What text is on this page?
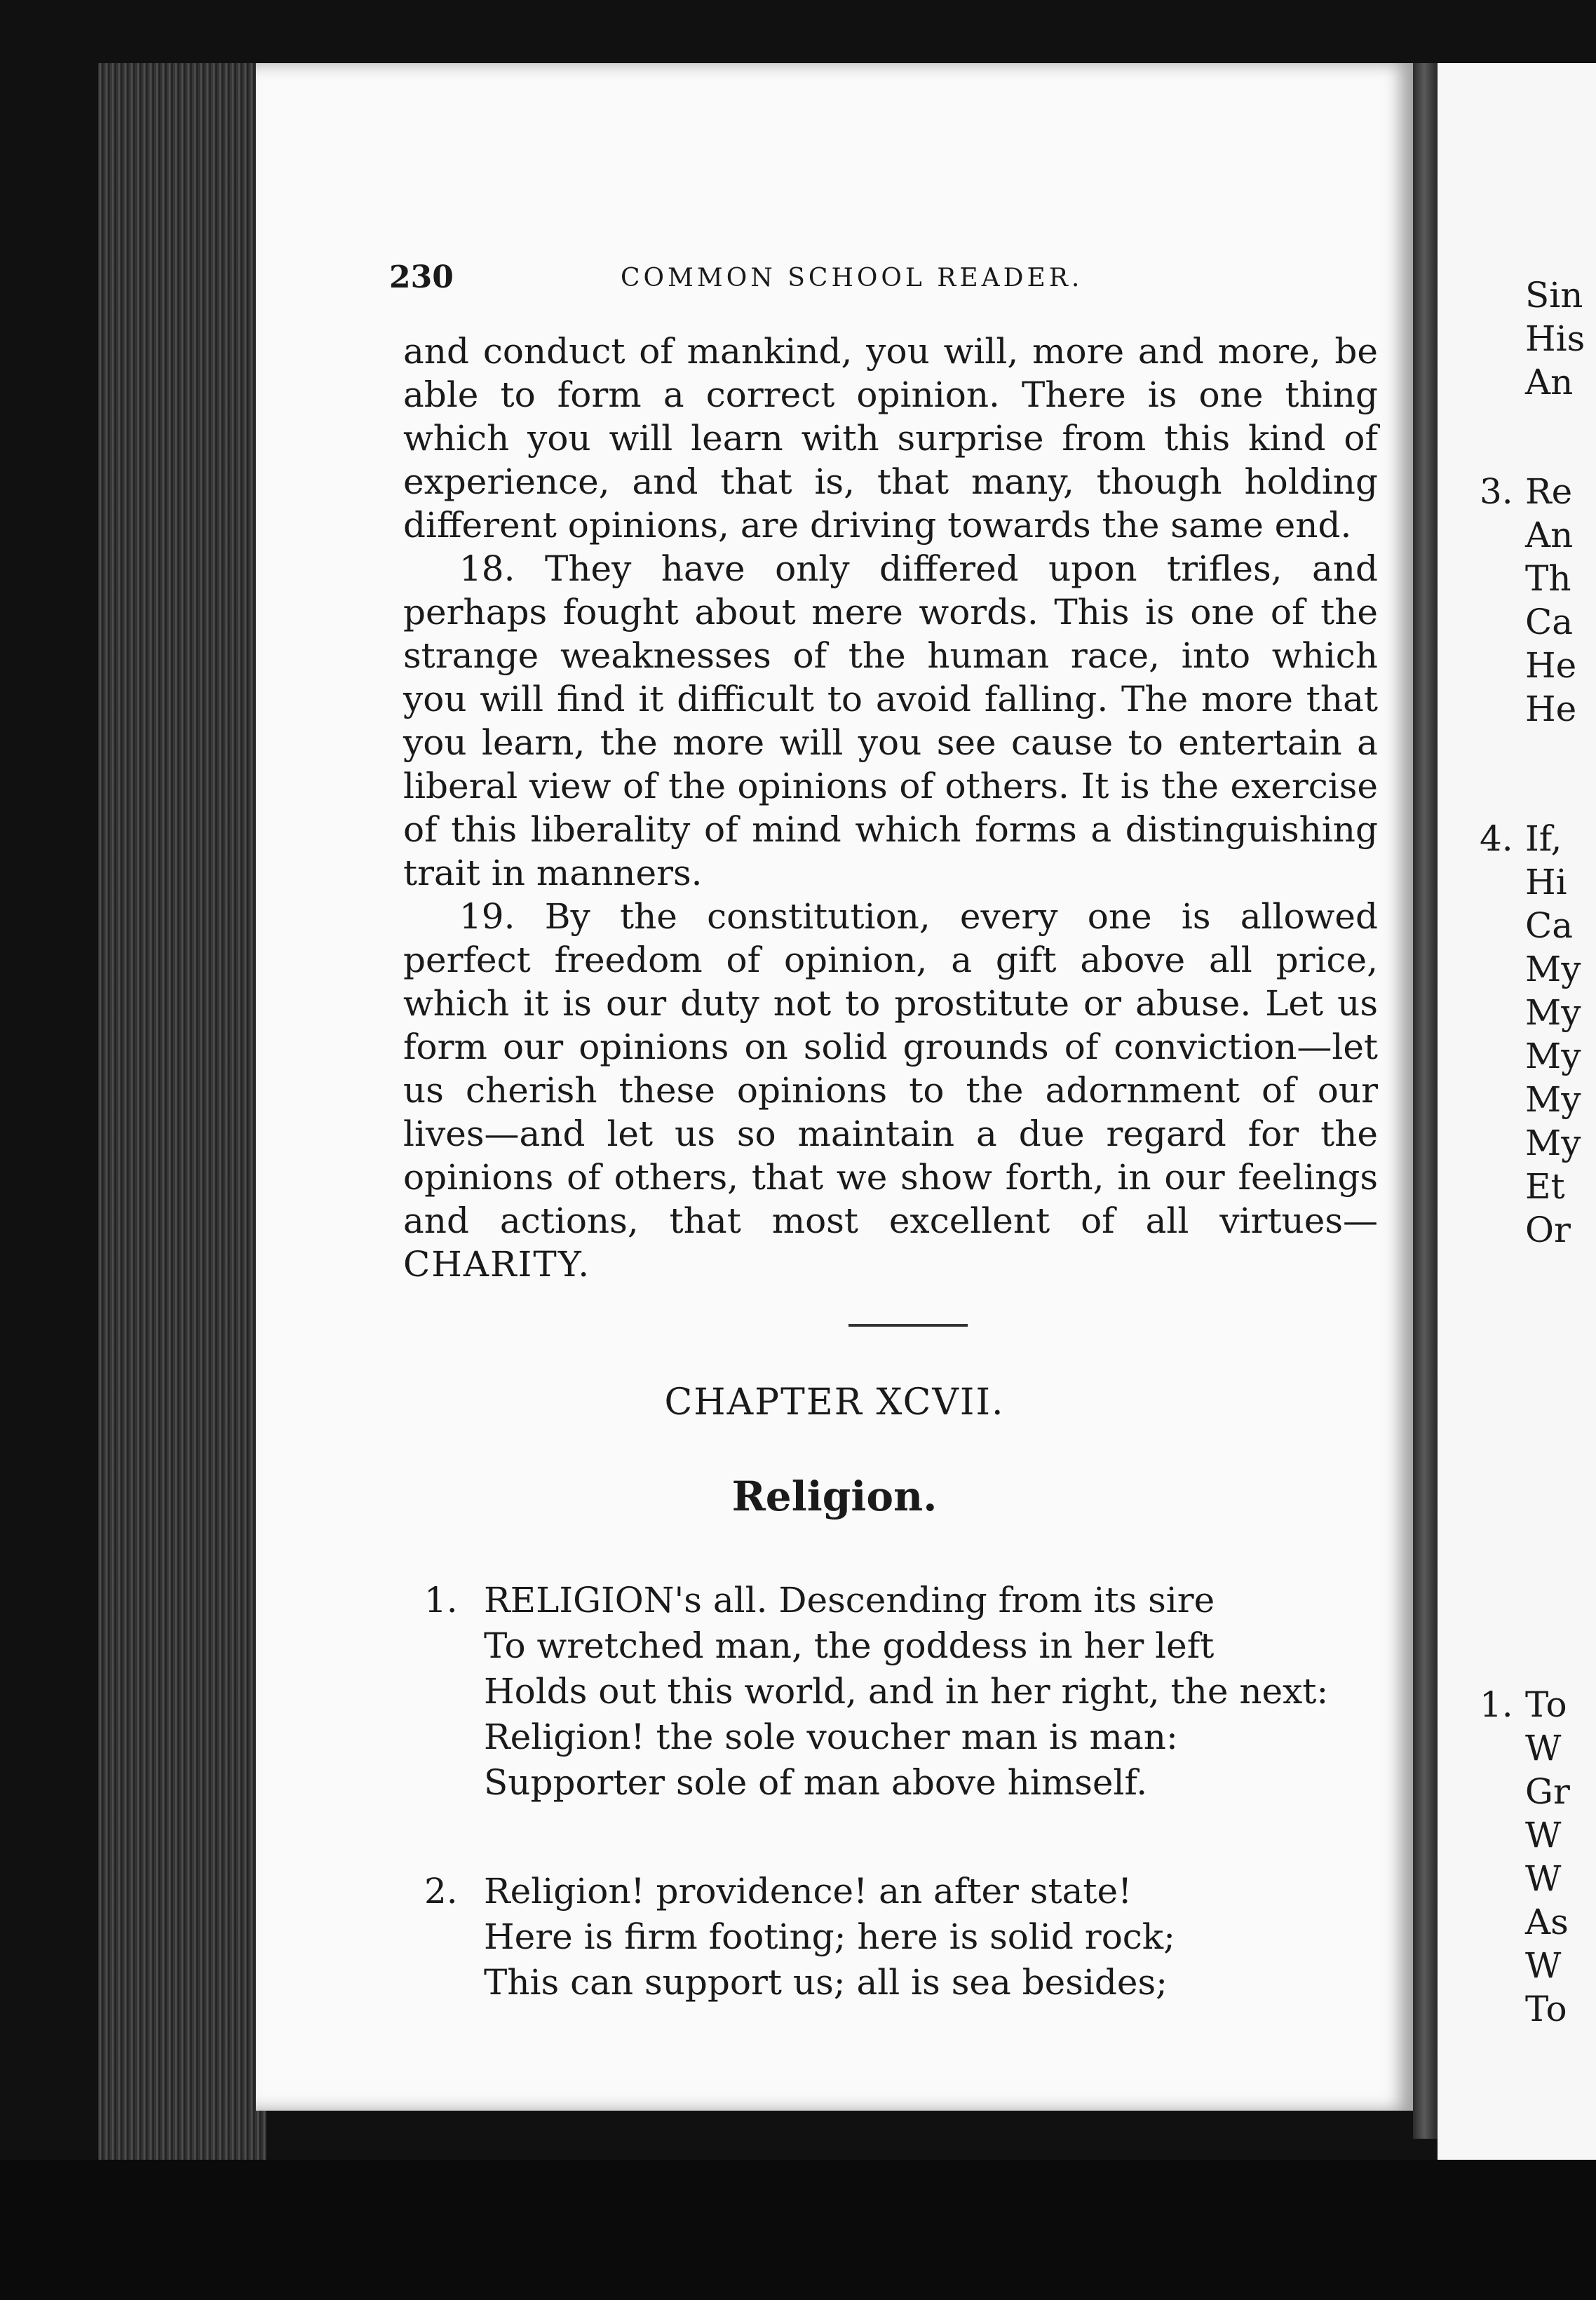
230	COMMON SCHOOL READER.

and conduct of mankind, you will, more and more, be able to form a correct opinion. There is one thing which you will learn with surprise from this kind of experience, and that is, that many, though holding different opinions, are driving towards the same end.

18. They have only differed upon trifles, and perhaps fought about mere words. This is one of the strange weaknesses of the human race, into which you will find it difficult to avoid falling. The more that you learn, the more will you see cause to entertain a liberal view of the opinions of others. It is the exercise of this liberality of mind which forms a distinguishing trait in manners.

19. By the constitution, every one is allowed perfect freedom of opinion, a gift above all price, which it is our duty not to prostitute or abuse. Let us form our opinions on solid grounds of conviction—let us cherish these opinions to the adornment of our lives—and let us so maintain a due regard for the opinions of others, that we show forth, in our feelings and actions, that most excellent of all virtues—CHARITY.

CHAPTER XCVII.
Religion.
1. RELIGION's all. Descending from its sire
To wretched man, the goddess in her left
Holds out this world, and in her right, the next:
Religion! the sole voucher man is man:
Supporter sole of man above himself.
2. Religion! providence! an after state!
Here is firm footing; here is solid rock;
This can support us; all is sea besides;
Sin
His
An
3. Re
An
Th
Ca
He
He
4. If,
Hi
Ca
My
My
My
My
My
Et
Or
1. To
W
Gr
W
W
As
W
To
